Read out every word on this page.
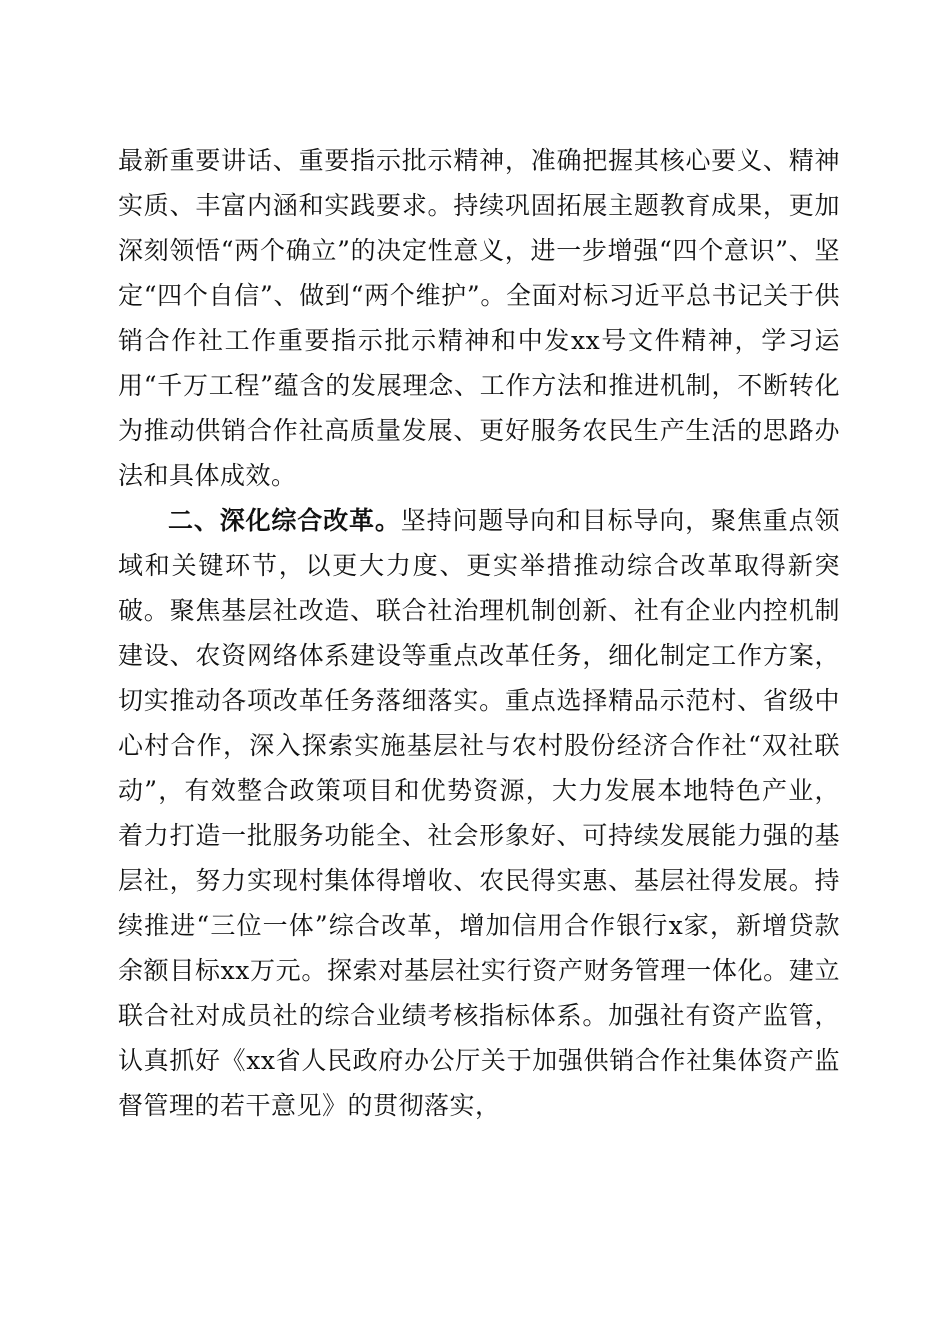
最新重要讲话、重要指示批示精神，准确把握其核心要义、精神实质、丰富内涵和实践要求。持续巩固拓展主题教育成果，更加深刻领悟“两个确立”的决定性意义，进一步增强“四个意识”、坚定“四个自信”、做到“两个维护”。全面对标习近平总书记关于供销合作社工作重要指示批示精神和中发xx号文件精神，学习运用“千万工程”蕴含的发展理念、工作方法和推进机制，不断转化为推动供销合作社高质量发展、更好服务农民生产生活的思路办法和具体成效。

二、深化综合改革。坚持问题导向和目标导向，聚焦重点领域和关键环节，以更大力度、更实举措推动综合改革取得新突破。聚焦基层社改造、联合社治理机制创新、社有企业内控机制建设、农资网络体系建设等重点改革任务，细化制定工作方案，切实推动各项改革任务落细落实。重点选择精品示范村、省级中心村合作，深入探索实施基层社与农村股份经济合作社“双社联动”，有效整合政策项目和优势资源，大力发展本地特色产业，着力打造一批服务功能全、社会形象好、可持续发展能力强的基层社，努力实现村集体得增收、农民得实惠、基层社得发展。持续推进“三位一体”综合改革，增加信用合作银行x家，新增贷款余额目标xx万元。探索对基层社实行资产财务管理一体化。建立联合社对成员社的综合业绩考核指标体系。加强社有资产监管，认真抓好《xx省人民政府办公厅关于加强供销合作社集体资产监督管理的若干意见》的贯彻落实，
